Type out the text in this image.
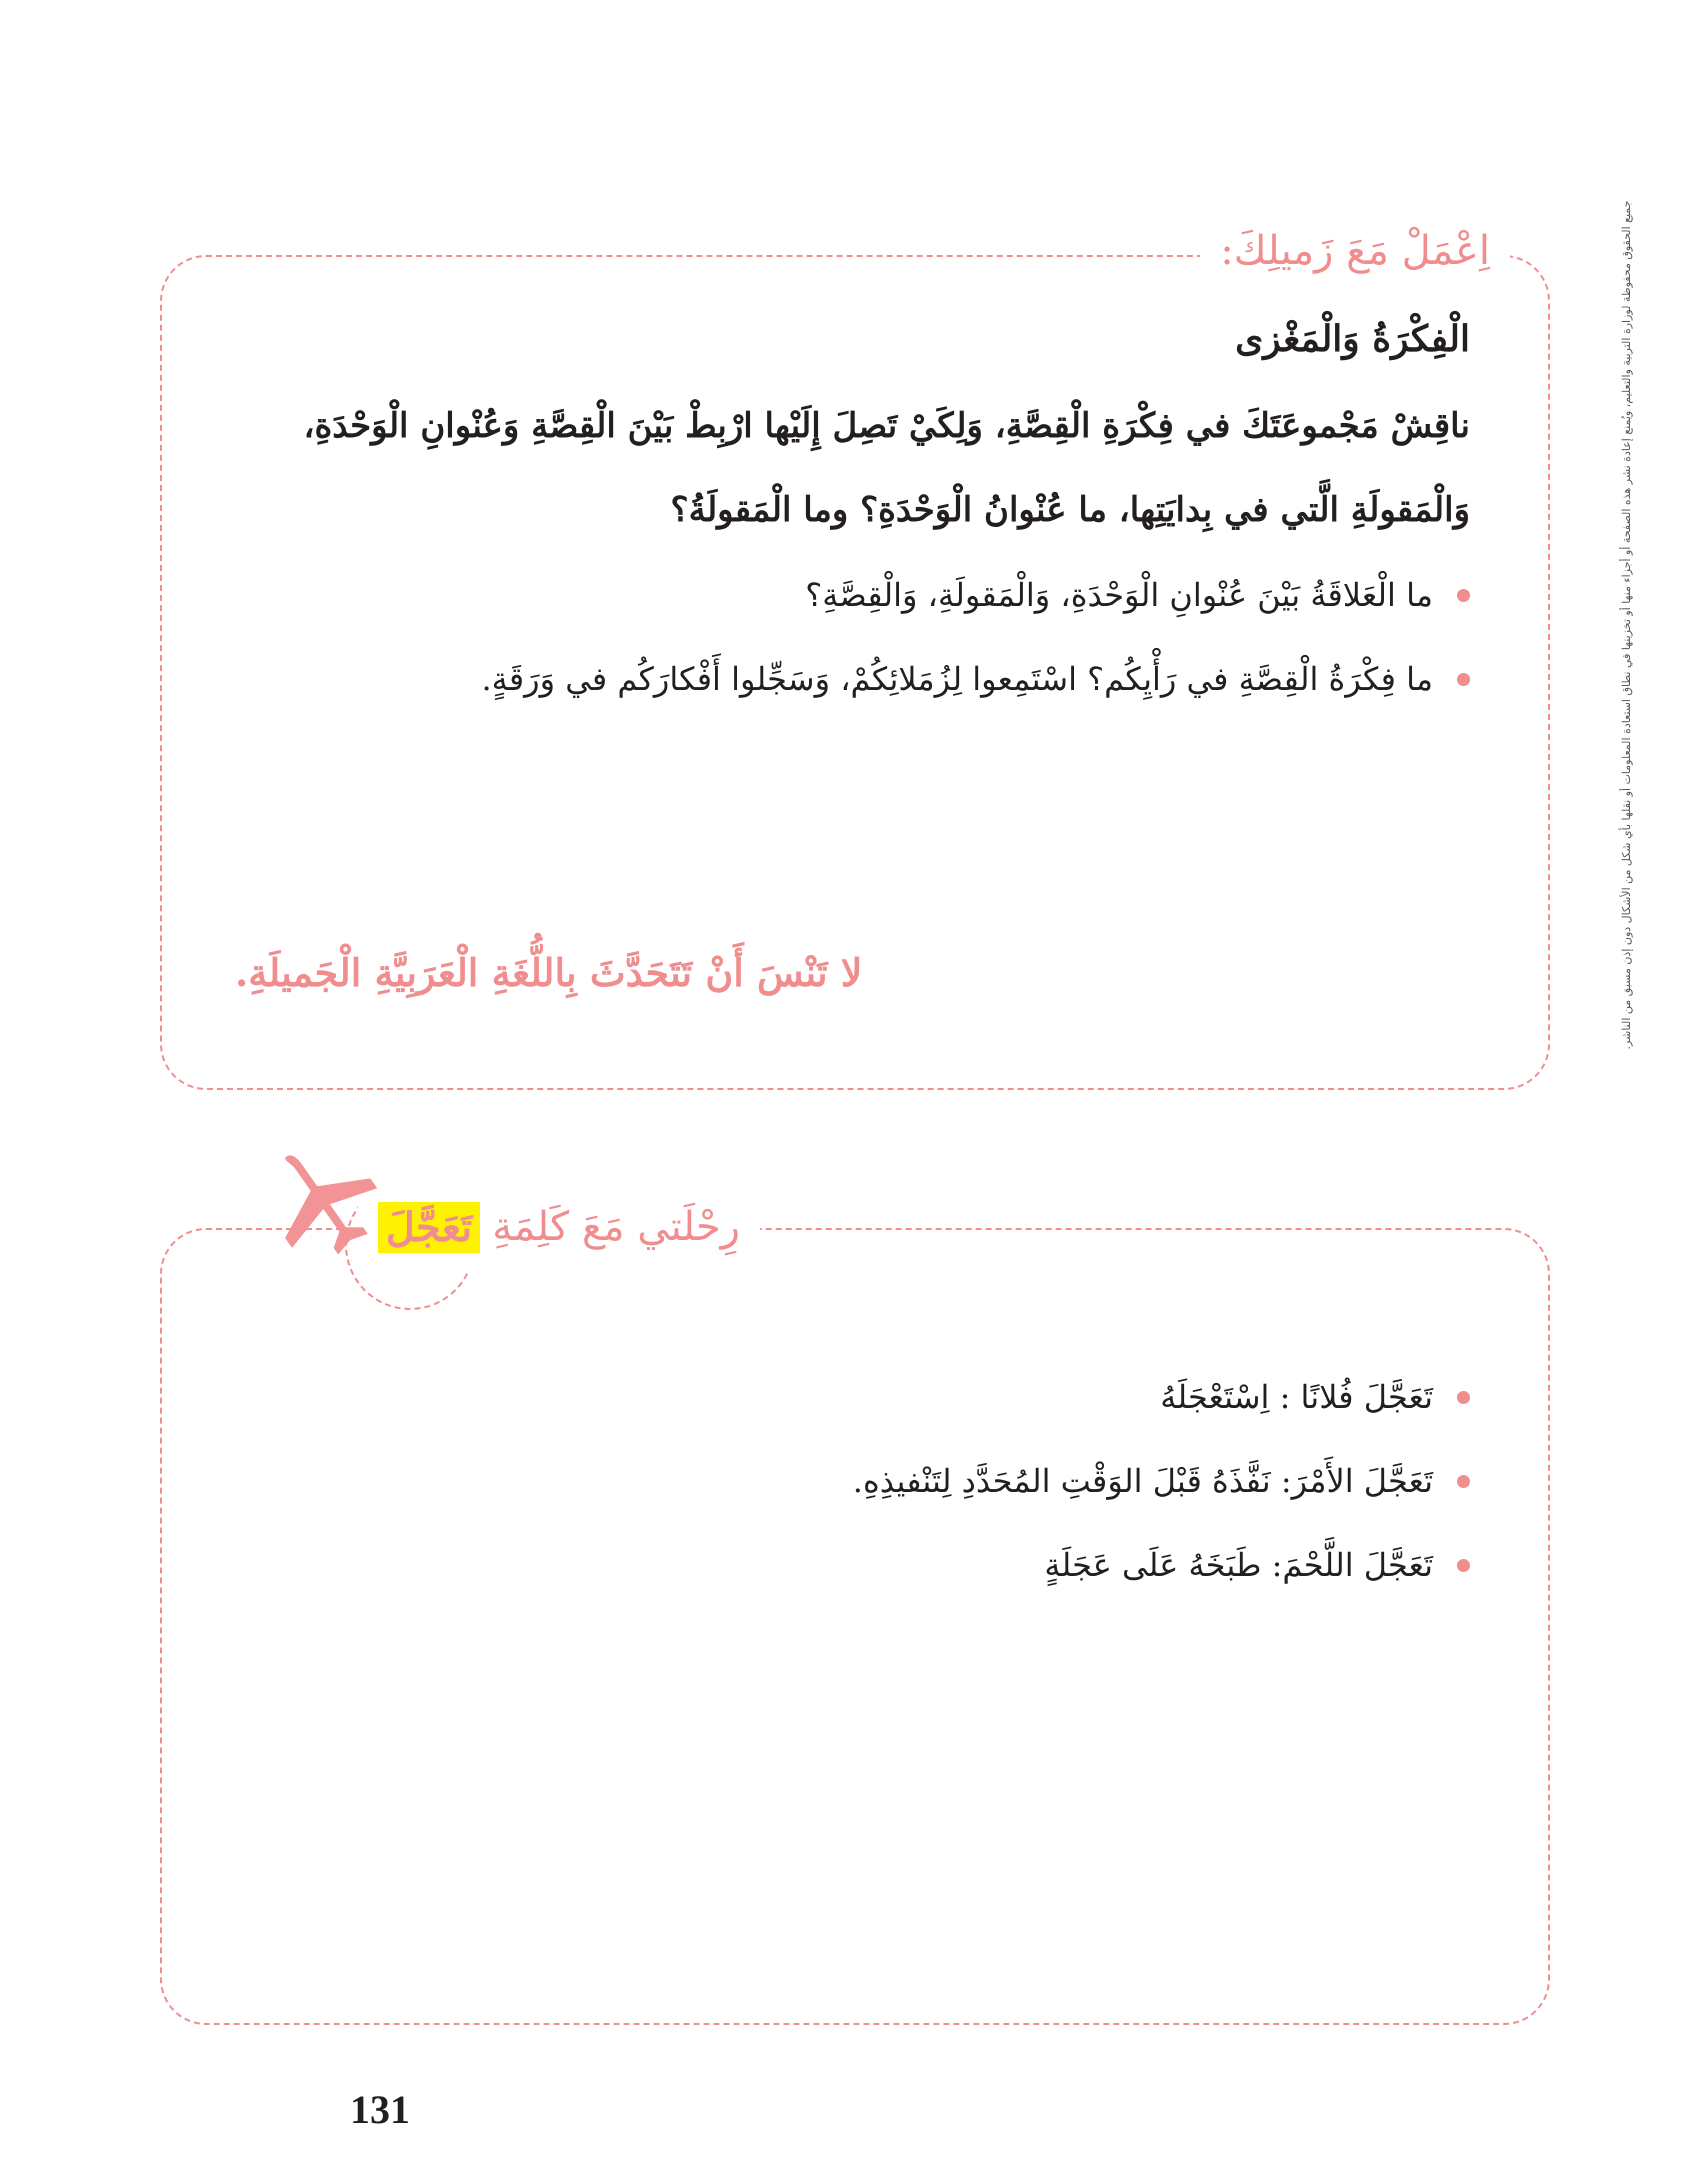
اِعْمَلْ مَعَ زَميلِكَ:
الْفِكْرَةُ وَالْمَغْزى
ناقِشْ مَجْموعَتَكَ في فِكْرَةِ الْقِصَّةِ، وَلِكَيْ تَصِلَ إِلَيْها ارْبِطْ بَيْنَ الْقِصَّةِ وَعُنْوانِ الْوَحْدَةِ،
وَالْمَقولَةِ الَّتي في بِدايَتِها، ما عُنْوانُ الْوَحْدَةِ؟ وما الْمَقولَةُ؟
ما الْعَلاقَةُ بَيْنَ عُنْوانِ الْوَحْدَةِ، وَالْمَقولَةِ، وَالْقِصَّةِ؟
ما فِكْرَةُ الْقِصَّةِ في رَأْيِكُم؟ اسْتَمِعوا لِزُمَلائِكُمْ، وَسَجِّلوا أَفْكارَكُم في وَرَقَةٍ.
لا تَنْسَ أَنْ تَتَحَدَّثَ بِاللُّغَةِ الْعَرَبِيَّةِ الْجَميلَةِ.
رِحْلَتي مَعَ كَلِمَةِ
تَعَجَّلَ
تَعَجَّلَ فُلانًا : اِسْتَعْجَلَهُ
تَعَجَّلَ الأَمْرَ: نَفَّذَهُ قَبْلَ الوَقْتِ المُحَدَّدِ لِتَنْفيذِهِ.
تَعَجَّلَ اللَّحْمَ: طَبَخَهُ عَلَى عَجَلَةٍ
131
جميع الحقوق محفوظة لوزارة التربية والتعليم، ويُمنع إعادة نشر هذه الصفحة أو أجزاء منها أو تخزينها في نطاق استعادة المعلومات أو نقلها بأي شكل من الأشكال دون إذن مسبق من الناشر.
